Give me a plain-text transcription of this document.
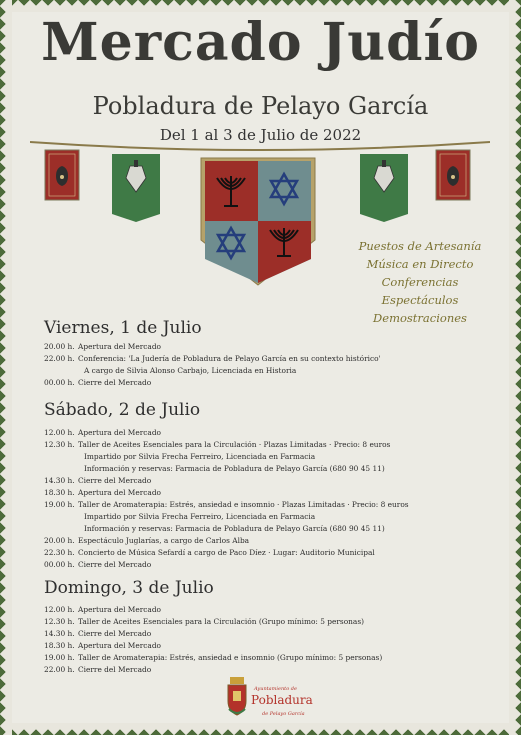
Mercado Judío
Pobladura de Pelayo García
Del 1 al 3 de Julio de 2022
Puestos de Artesanía
Música en Directo
Conferencias
Espectáculos
Demostraciones
Viernes, 1 de Julio
20.00 h. Apertura del Mercado
22.00 h. Conferencia: 'La Judería de Pobladura de Pelayo García en su contexto histórico'
A cargo de Silvia Alonso Carbajo, Licenciada en Historia
00.00 h. Cierre del Mercado
Sábado, 2 de Julio
12.00 h. Apertura del Mercado
12.30 h. Taller de Aceites Esenciales para la Circulación · Plazas Limitadas · Precio: 8 euros
Impartido por Silvia Frecha Ferreiro, Licenciada en Farmacia
Información y reservas: Farmacia de Pobladura de Pelayo García (680 90 45 11)
14.30 h. Cierre del Mercado
18.30 h. Apertura del Mercado
19.00 h. Taller de Aromaterapia: Estrés, ansiedad e insomnio · Plazas Limitadas · Precio: 8 euros
Impartido por Silvia Frecha Ferreiro, Licenciada en Farmacia
Información y reservas: Farmacia de Pobladura de Pelayo García (680 90 45 11)
20.00 h. Espectáculo Juglarías, a cargo de Carlos Alba
22.30 h. Concierto de Música Sefardí a cargo de Paco Díez · Lugar: Auditorio Municipal
00.00 h. Cierre del Mercado
Domingo, 3 de Julio
12.00 h. Apertura del Mercado
12.30 h. Taller de Aceites Esenciales para la Circulación (Grupo mínimo: 5 personas)
14.30 h. Cierre del Mercado
18.30 h. Apertura del Mercado
19.00 h. Taller de Aromaterapia: Estrés, ansiedad e insomnio (Grupo mínimo: 5 personas)
22.00 h. Cierre del Mercado
Ayuntamiento de
Pobladura
de Pelayo García
